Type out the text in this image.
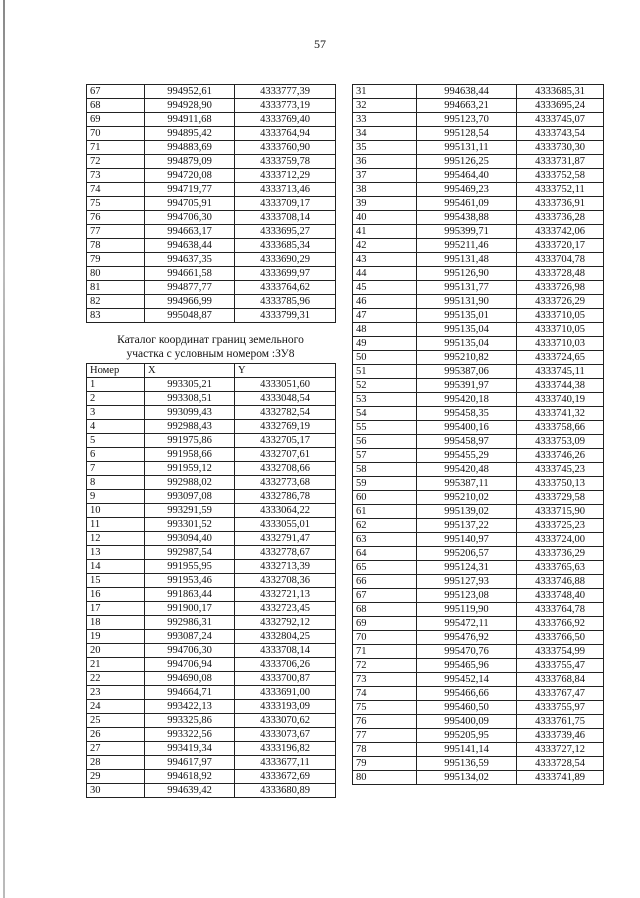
57
67	994952,61	4333777,39
68	994928,90	4333773,19
69	994911,68	4333769,40
70	994895,42	4333764,94
71	994883,69	4333760,90
72	994879,09	4333759,78
73	994720,08	4333712,29
74	994719,77	4333713,46
75	994705,91	4333709,17
76	994706,30	4333708,14
77	994663,17	4333695,27
78	994638,44	4333685,34
79	994637,35	4333690,29
80	994661,58	4333699,97
81	994877,77	4333764,62
82	994966,99	4333785,96
83	995048,87	4333799,31
Каталог координат границ земельного
участка с условным номером :ЗУ8
Номер	X	Y
1	993305,21	4333051,60
2	993308,51	4333048,54
3	993099,43	4332782,54
4	992988,43	4332769,19
5	991975,86	4332705,17
6	991958,66	4332707,61
7	991959,12	4332708,66
8	992988,02	4332773,68
9	993097,08	4332786,78
10	993291,59	4333064,22
11	993301,52	4333055,01
12	993094,40	4332791,47
13	992987,54	4332778,67
14	991955,95	4332713,39
15	991953,46	4332708,36
16	991863,44	4332721,13
17	991900,17	4332723,45
18	992986,31	4332792,12
19	993087,24	4332804,25
20	994706,30	4333708,14
21	994706,94	4333706,26
22	994690,08	4333700,87
23	994664,71	4333691,00
24	993422,13	4333193,09
25	993325,86	4333070,62
26	993322,56	4333073,67
27	993419,34	4333196,82
28	994617,97	4333677,11
29	994618,92	4333672,69
30	994639,42	4333680,89
31	994638,44	4333685,31
32	994663,21	4333695,24
33	995123,70	4333745,07
34	995128,54	4333743,54
35	995131,11	4333730,30
36	995126,25	4333731,87
37	995464,40	4333752,58
38	995469,23	4333752,11
39	995461,09	4333736,91
40	995438,88	4333736,28
41	995399,71	4333742,06
42	995211,46	4333720,17
43	995131,48	4333704,78
44	995126,90	4333728,48
45	995131,77	4333726,98
46	995131,90	4333726,29
47	995135,01	4333710,05
48	995135,04	4333710,05
49	995135,04	4333710,03
50	995210,82	4333724,65
51	995387,06	4333745,11
52	995391,97	4333744,38
53	995420,18	4333740,19
54	995458,35	4333741,32
55	995400,16	4333758,66
56	995458,97	4333753,09
57	995455,29	4333746,26
58	995420,48	4333745,23
59	995387,11	4333750,13
60	995210,02	4333729,58
61	995139,02	4333715,90
62	995137,22	4333725,23
63	995140,97	4333724,00
64	995206,57	4333736,29
65	995124,31	4333765,63
66	995127,93	4333746,88
67	995123,08	4333748,40
68	995119,90	4333764,78
69	995472,11	4333766,92
70	995476,92	4333766,50
71	995470,76	4333754,99
72	995465,96	4333755,47
73	995452,14	4333768,84
74	995466,66	4333767,47
75	995460,50	4333755,97
76	995400,09	4333761,75
77	995205,95	4333739,46
78	995141,14	4333727,12
79	995136,59	4333728,54
80	995134,02	4333741,89
